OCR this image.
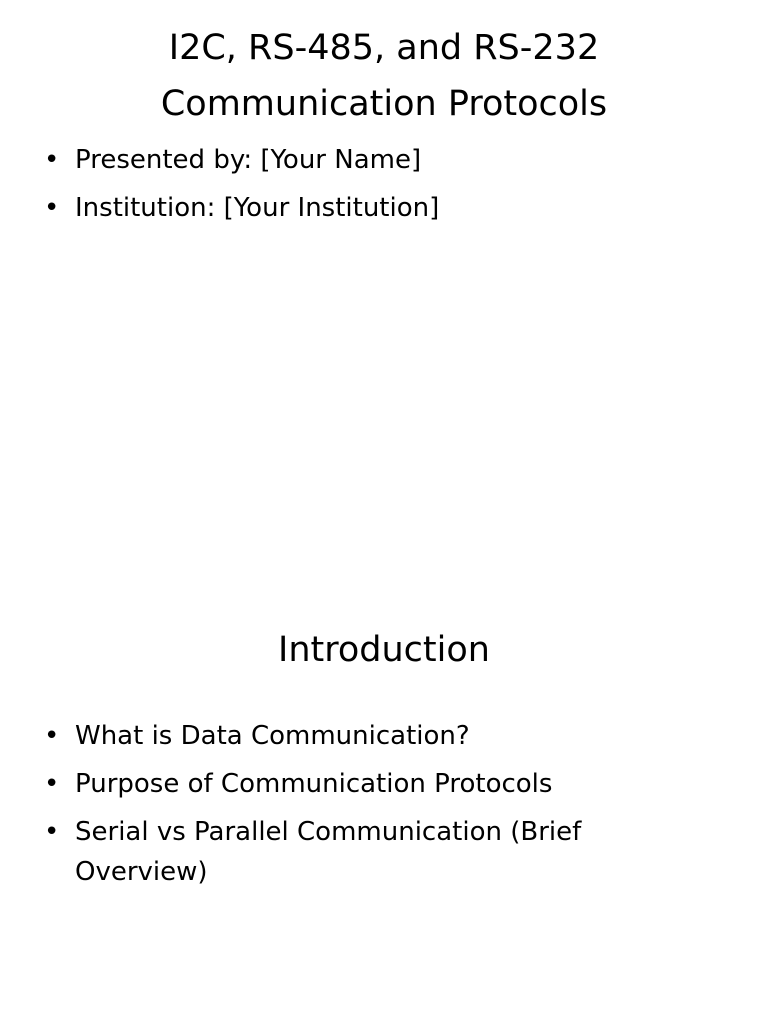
I2C, RS-485, and RS-232
Communication Protocols
• Presented by: [Your Name]
• Institution: [Your Institution]
Introduction
• What is Data Communication?
• Purpose of Communication Protocols
• Serial vs Parallel Communication (Brief Overview)
